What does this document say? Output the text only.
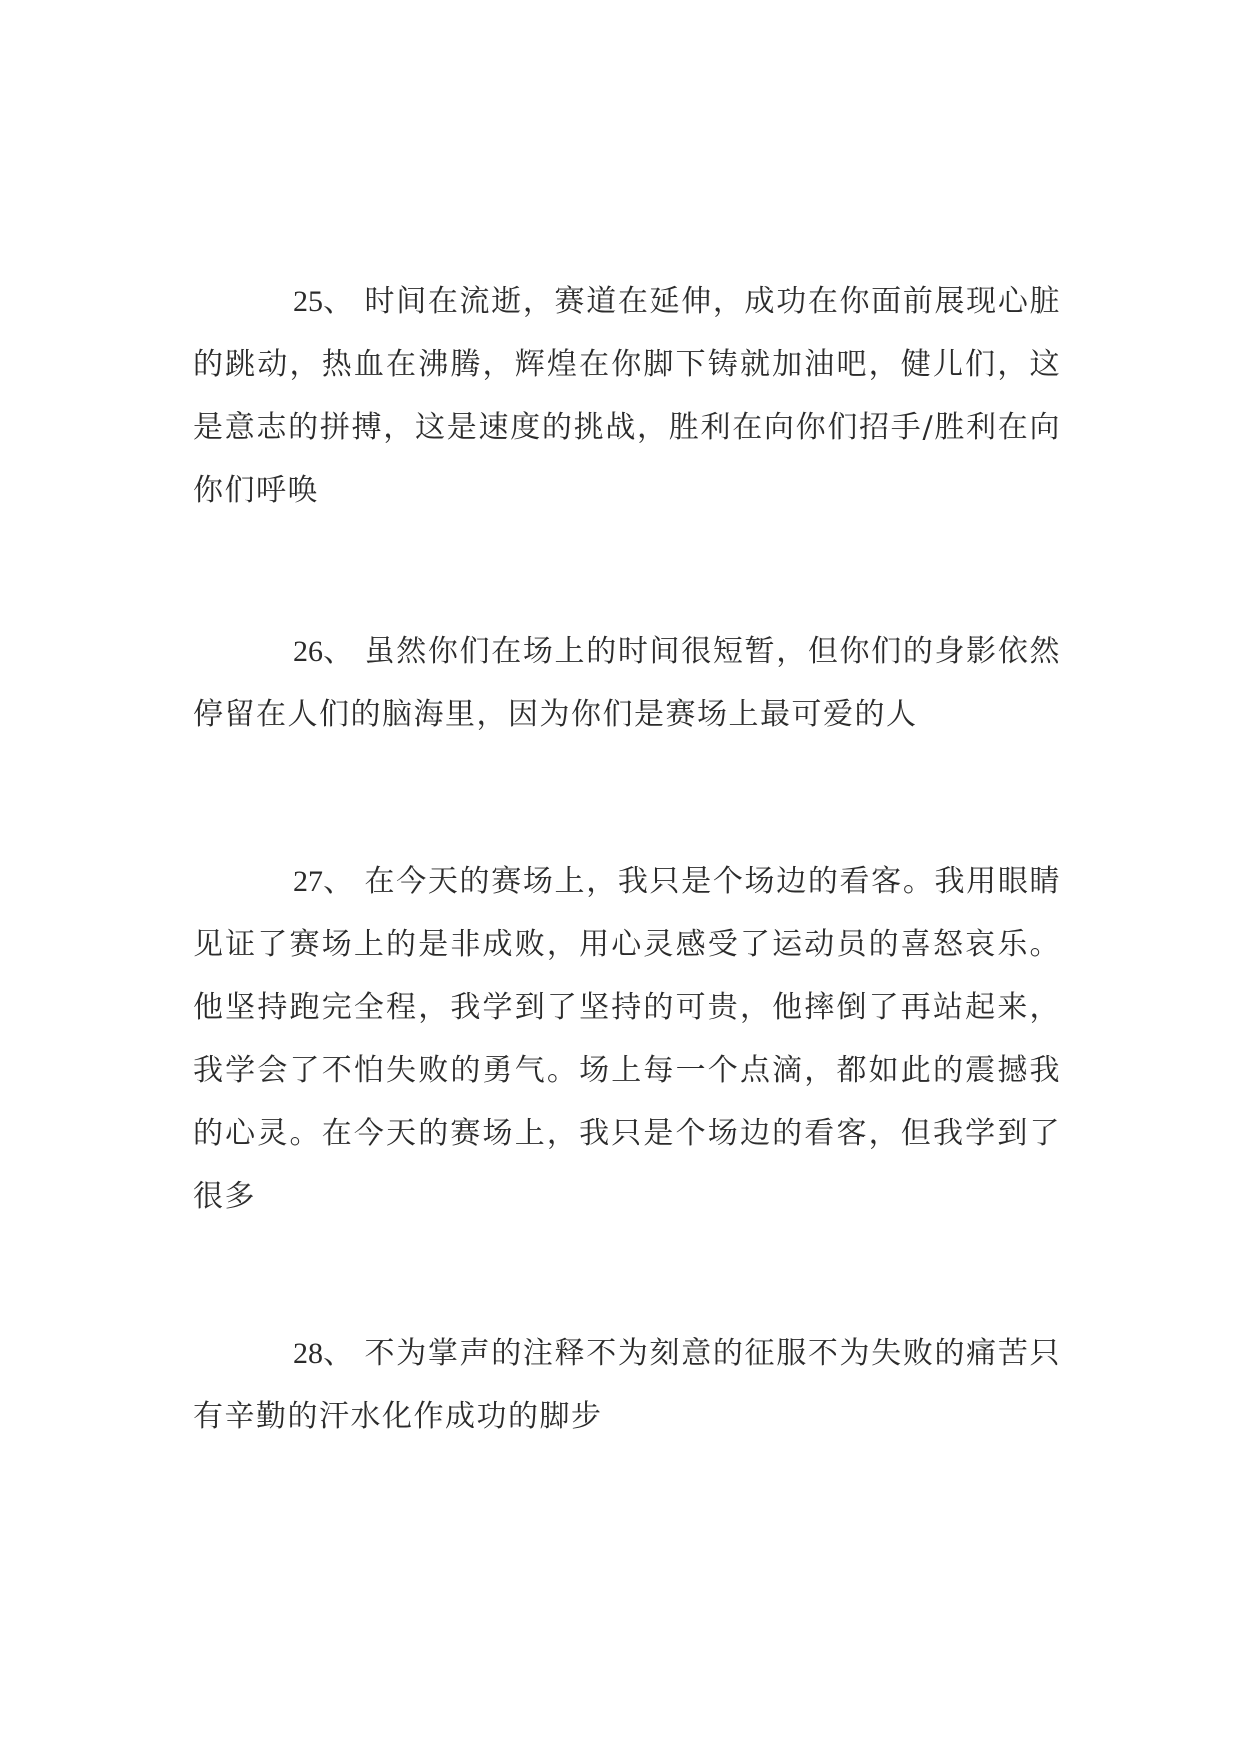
25、 时间在流逝，赛道在延伸，成功在你面前展现心脏的跳动，热血在沸腾，辉煌在你脚下铸就加油吧，健儿们，这是意志的拼搏，这是速度的挑战，胜利在向你们招手/胜利在向你们呼唤

26、 虽然你们在场上的时间很短暂，但你们的身影依然停留在人们的脑海里，因为你们是赛场上最可爱的人

27、 在今天的赛场上，我只是个场边的看客。我用眼睛见证了赛场上的是非成败，用心灵感受了运动员的喜怒哀乐。他坚持跑完全程，我学到了坚持的可贵，他摔倒了再站起来，我学会了不怕失败的勇气。场上每一个点滴，都如此的震撼我的心灵。在今天的赛场上，我只是个场边的看客，但我学到了很多

28、 不为掌声的注释不为刻意的征服不为失败的痛苦只有辛勤的汗水化作成功的脚步
